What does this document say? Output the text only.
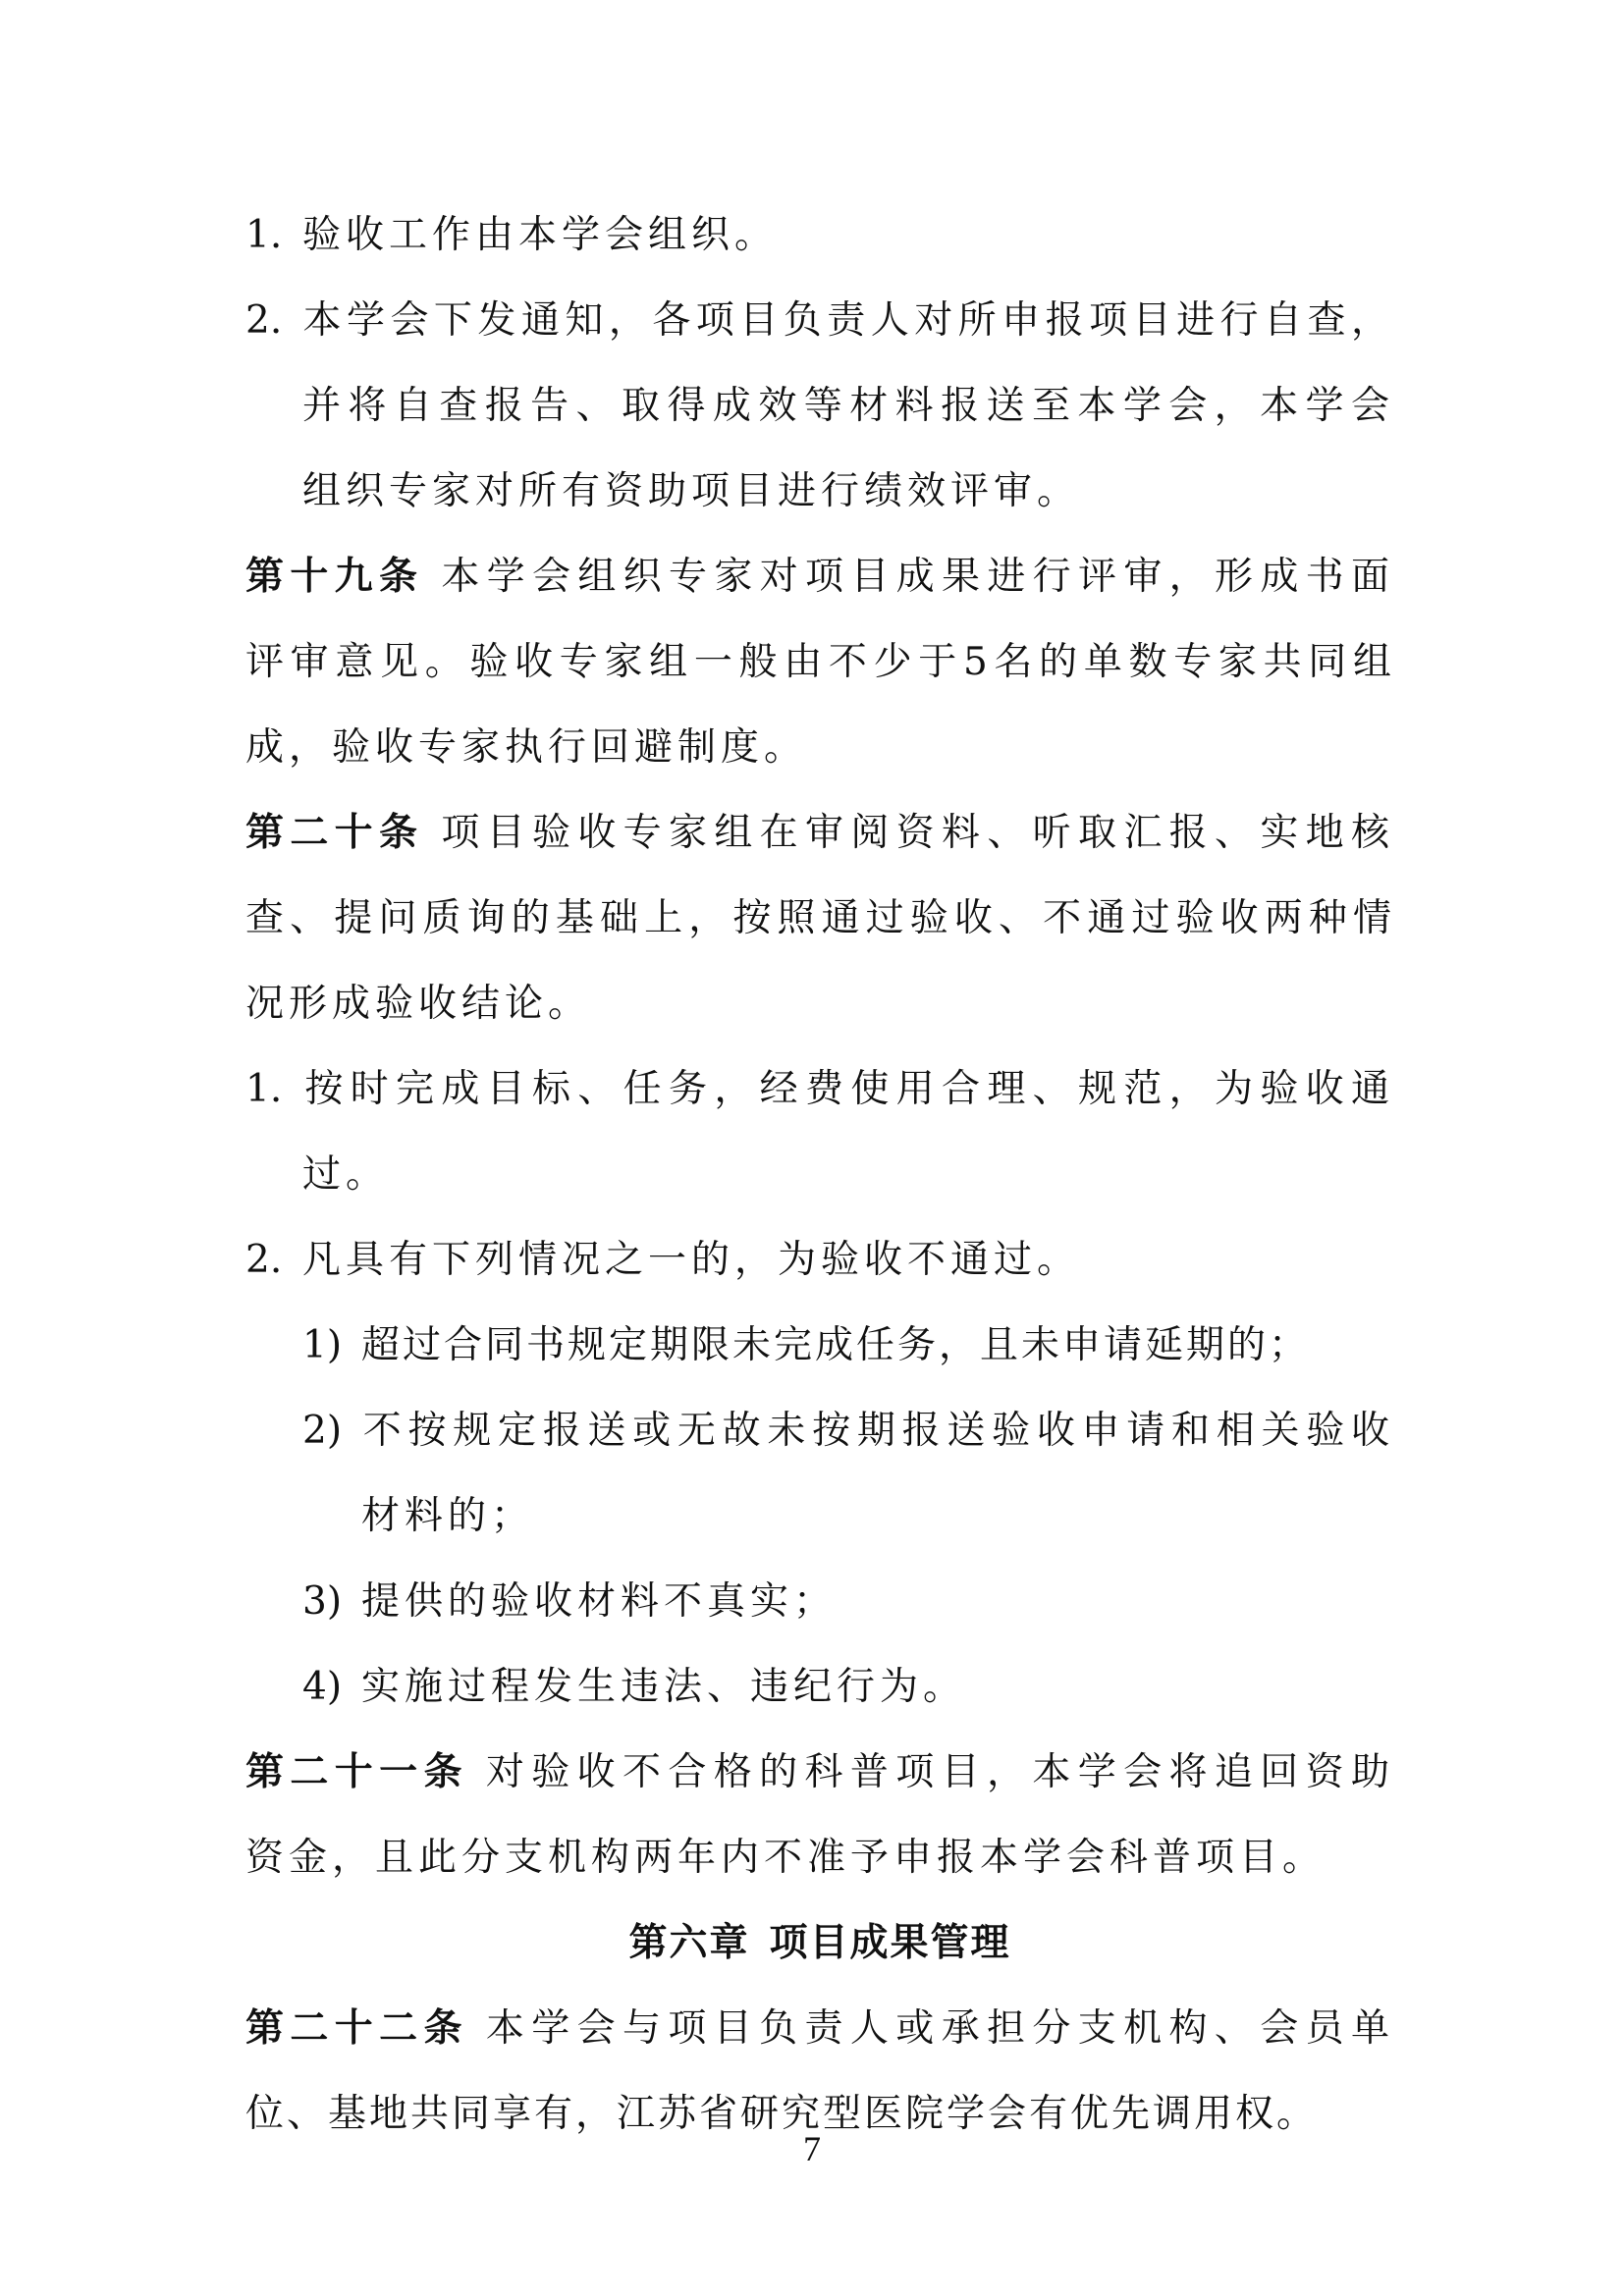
1. 验收工作由本学会组织。
2. 本学会下发通知，各项目负责人对所申报项目进行自查，
并将自查报告、取得成效等材料报送至本学会，本学会
组织专家对所有资助项目进行绩效评审。
第十九条 本学会组织专家对项目成果进行评审，形成书面
评审意见。验收专家组一般由不少于5名的单数专家共同组
成，验收专家执行回避制度。
第二十条 项目验收专家组在审阅资料、听取汇报、实地核
查、提问质询的基础上，按照通过验收、不通过验收两种情
况形成验收结论。
1. 按时完成目标、任务，经费使用合理、规范，为验收通
过。
2. 凡具有下列情况之一的，为验收不通过。
1) 超过合同书规定期限未完成任务，且未申请延期的；
2) 不按规定报送或无故未按期报送验收申请和相关验收
材料的；
3) 提供的验收材料不真实；
4) 实施过程发生违法、违纪行为。
第二十一条 对验收不合格的科普项目，本学会将追回资助
资金，且此分支机构两年内不准予申报本学会科普项目。
第六章 项目成果管理
第二十二条 本学会与项目负责人或承担分支机构、会员单
位、基地共同享有，江苏省研究型医院学会有优先调用权。
7
